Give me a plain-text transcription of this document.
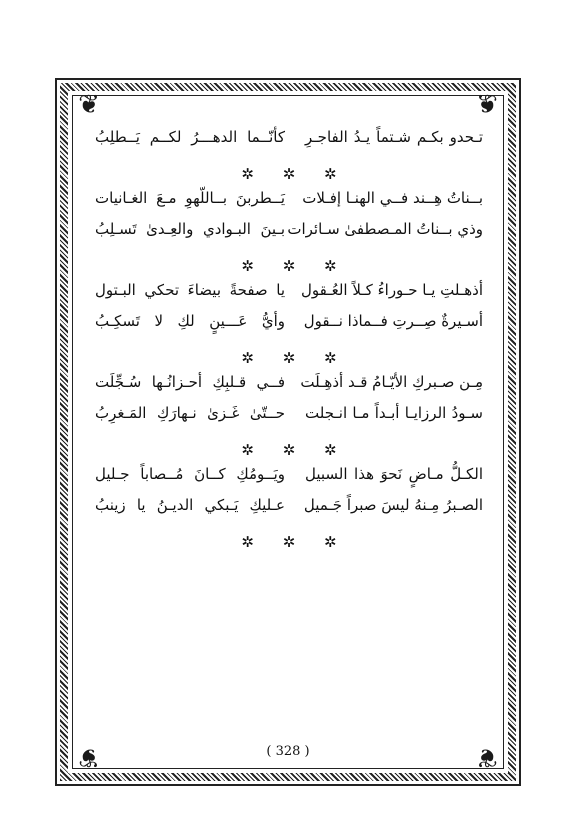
❦	❦
❦	❦
تـحدو بكـم شـتماً يـدُ الفاجـرِ
كأنّــما الدهـــرُ لكــم يَــطلِبُ
✲ ✲ ✲
بــناتُ هِــند فــي الهنـا إفـلات
يَــطربنَ بــاللّهوِ مـعَ الغـانيات
وذي بــناتُ المـصطفىٰ سـائرات
بـينَ البـوادي والعِـدىٰ تَسـلِبُ
✲ ✲ ✲
أذهـلتِ يـا حـوراءُ كـلاً العُـقول
يا صفحةً بيضاءَ تحكي البـتول
أسـيرةٌ صِــرتِ فــماذا نــقول
وأيُّ عَـــينٍ لكِ لا تَسكِـبُ
✲ ✲ ✲
مِـن صـبركِ الأيّـامُ قـد أذهِـلَت
فــي قـلبِكِ أحـزانُـها سُـجِّلَت
سـودُ الرزايـا أبـداً مـا انـجلت
حــتّىٰ غَـزىٰ نـهارَكِ المَـغرِبُ
✲ ✲ ✲
الكـلُّ مـاضٍ نَحوَ هذا السبيل
ويَــومُكِ كــانَ مُــصاباً جـليل
الصـبرُ مِـنهُ ليسَ صبراً جَـميل
عـليكِ يَـبكي الديـنُ يا زينبُ
✲ ✲ ✲
( 328 )
